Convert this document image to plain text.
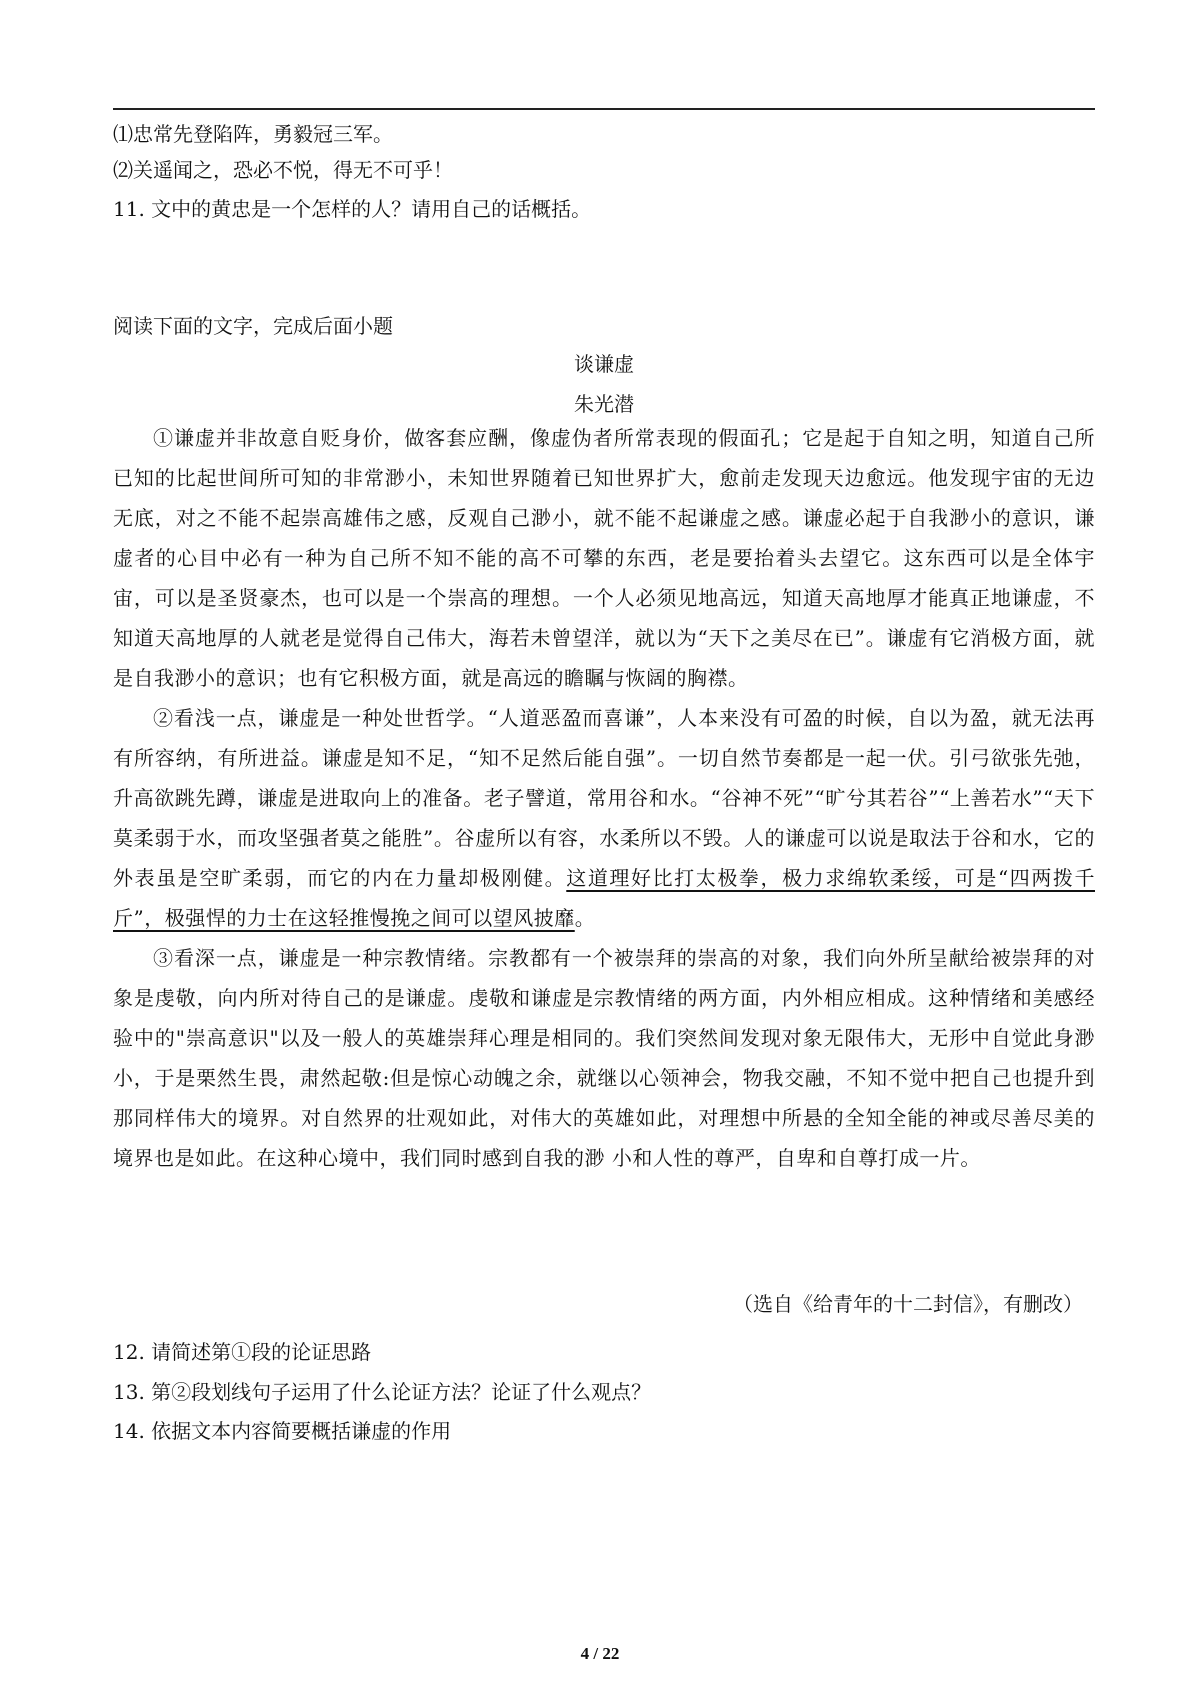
⑴忠常先登陷阵，勇毅冠三军。
⑵关遥闻之，恐必不悦，得无不可乎！
11. 文中的黄忠是一个怎样的人？请用自己的话概括。
阅读下面的文字，完成后面小题
谈谦虚
朱光潜

①谦虚并非故意自贬身价，做客套应酬，像虚伪者所常表现的假面孔；它是起于自知之明，知道自己所已知的比起世间所可知的非常渺小，未知世界随着已知世界扩大，愈前走发现天边愈远。他发现宇宙的无边无底，对之不能不起崇高雄伟之感，反观自己渺小，就不能不起谦虚之感。谦虚必起于自我渺小的意识，谦虚者的心目中必有一种为自己所不知不能的高不可攀的东西，老是要抬着头去望它。这东西可以是全体宇宙，可以是圣贤豪杰，也可以是一个崇高的理想。一个人必须见地高远，知道天高地厚才能真正地谦虚，不知道天高地厚的人就老是觉得自己伟大，海若未曾望洋，就以为“天下之美尽在已”。谦虚有它消极方面，就是自我渺小的意识；也有它积极方面，就是高远的瞻瞩与恢阔的胸襟。

②看浅一点，谦虚是一种处世哲学。“人道恶盈而喜谦”，人本来没有可盈的时候，自以为盈，就无法再有所容纳，有所进益。谦虚是知不足，“知不足然后能自强”。一切自然节奏都是一起一伏。引弓欲张先弛，升高欲跳先蹲，谦虚是进取向上的准备。老子譬道，常用谷和水。“谷神不死”“旷兮其若谷”“上善若水”“天下莫柔弱于水，而攻坚强者莫之能胜”。谷虚所以有容，水柔所以不毁。人的谦虚可以说是取法于谷和水，它的外表虽是空旷柔弱，而它的内在力量却极刚健。这道理好比打太极拳，极力求绵软柔绥，可是“四两拨千斤”，极强悍的力士在这轻推慢挽之间可以望风披靡。

③看深一点，谦虚是一种宗教情绪。宗教都有一个被崇拜的崇高的对象，我们向外所呈献给被崇拜的对象是虔敬，向内所对待自己的是谦虚。虔敬和谦虚是宗教情绪的两方面，内外相应相成。这种情绪和美感经验中的"崇高意识"以及一般人的英雄崇拜心理是相同的。我们突然间发现对象无限伟大，无形中自觉此身渺小，于是栗然生畏，肃然起敬:但是惊心动魄之余，就继以心领神会，物我交融，不知不觉中把自己也提升到那同样伟大的境界。对自然界的壮观如此，对伟大的英雄如此，对理想中所悬的全知全能的神或尽善尽美的境界也是如此。在这种心境中，我们同时感到自我的渺 小和人性的尊严，自卑和自尊打成一片。

（选自《给青年的十二封信》，有删改）
12. 请简述第①段的论证思路
13. 第②段划线句子运用了什么论证方法？论证了什么观点？
14. 依据文本内容简要概括谦虚的作用
4 / 22
